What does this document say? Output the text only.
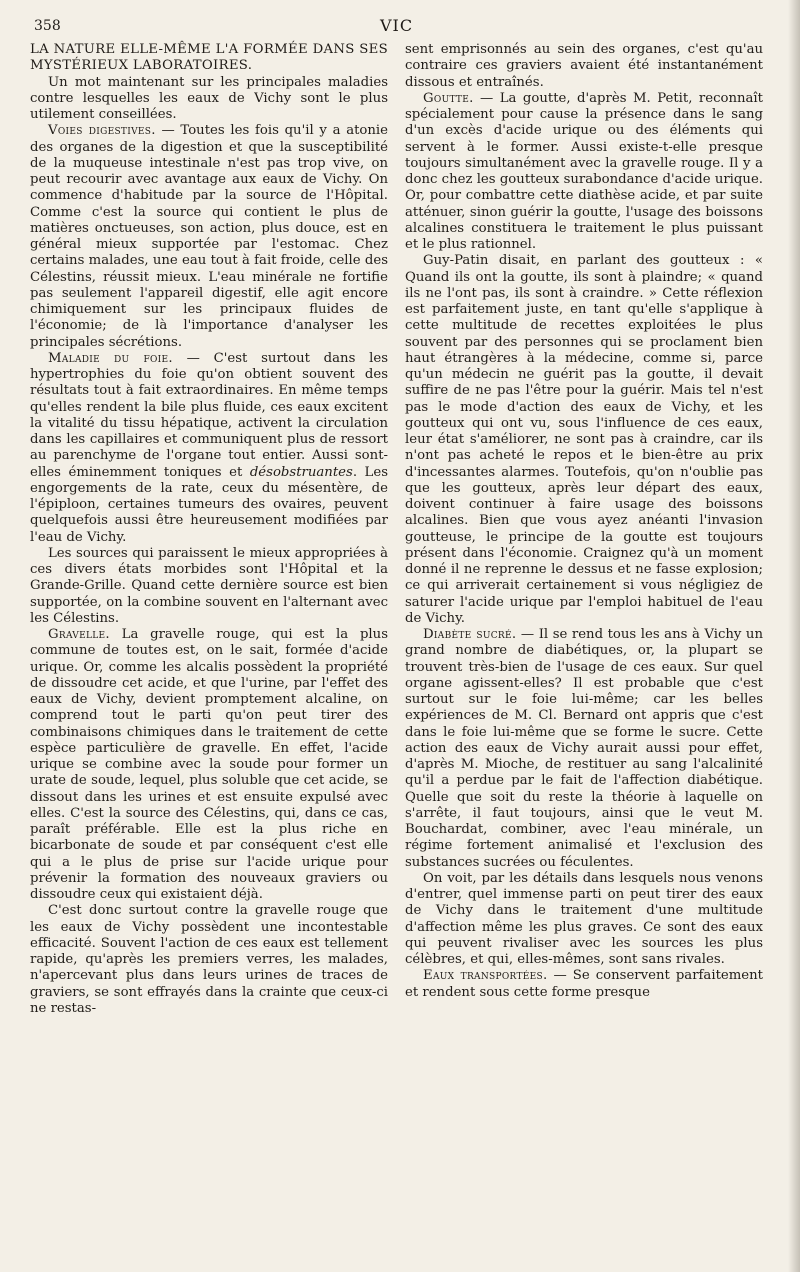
358	VIC

LA NATURE ELLE-MÊME L'A FORMÉE DANS SES MYSTÉRIEUX LABORATOIRES.

Un mot maintenant sur les principales maladies contre lesquelles les eaux de Vichy sont le plus utilement conseillées.

Voies digestives. — Toutes les fois qu'il y a atonie des organes de la digestion et que la susceptibilité de la muqueuse intestinale n'est pas trop vive, on peut recourir avec avantage aux eaux de Vichy. On commence d'habitude par la source de l'Hôpital. Comme c'est la source qui contient le plus de matières onctueuses, son action, plus douce, est en général mieux supportée par l'estomac. Chez certains malades, une eau tout à fait froide, celle des Célestins, réussit mieux. L'eau minérale ne fortifie pas seulement l'appareil digestif, elle agit encore chimiquement sur les principaux fluides de l'économie; de là l'importance d'analyser les principales sécrétions.

Maladie du foie. — C'est surtout dans les hypertrophies du foie qu'on obtient souvent des résultats tout à fait extraordinaires. En même temps qu'elles rendent la bile plus fluide, ces eaux excitent la vitalité du tissu hépatique, activent la circulation dans les capillaires et communiquent plus de ressort au parenchyme de l'organe tout entier. Aussi sont-elles éminemment toniques et désobstruantes. Les engorgements de la rate, ceux du mésentère, de l'épiploon, certaines tumeurs des ovaires, peuvent quelquefois aussi être heureusement modifiées par l'eau de Vichy.

Les sources qui paraissent le mieux appropriées à ces divers états morbides sont l'Hôpital et la Grande-Grille. Quand cette dernière source est bien supportée, on la combine souvent en l'alternant avec les Célestins.

Gravelle. La gravelle rouge, qui est la plus commune de toutes est, on le sait, formée d'acide urique. Or, comme les alcalis possèdent la propriété de dissoudre cet acide, et que l'urine, par l'effet des eaux de Vichy, devient promptement alcaline, on comprend tout le parti qu'on peut tirer des combinaisons chimiques dans le traitement de cette espèce particulière de gravelle. En effet, l'acide urique se combine avec la soude pour former un urate de soude, lequel, plus soluble que cet acide, se dissout dans les urines et est ensuite expulsé avec elles. C'est la source des Célestins, qui, dans ce cas, paraît préférable. Elle est la plus riche en bicarbonate de soude et par conséquent c'est elle qui a le plus de prise sur l'acide urique pour prévenir la formation des nouveaux graviers ou dissoudre ceux qui existaient déjà.

C'est donc surtout contre la gravelle rouge que les eaux de Vichy possèdent une incontestable efficacité. Souvent l'action de ces eaux est tellement rapide, qu'après les premiers verres, les malades, n'apercevant plus dans leurs urines de traces de graviers, se sont effrayés dans la crainte que ceux-ci ne restas-

sent emprisonnés au sein des organes, c'est qu'au contraire ces graviers avaient été instantanément dissous et entraînés.

Goutte. — La goutte, d'après M. Petit, reconnaît spécialement pour cause la présence dans le sang d'un excès d'acide urique ou des éléments qui servent à le former. Aussi existe-t-elle presque toujours simultanément avec la gravelle rouge. Il y a donc chez les goutteux surabondance d'acide urique. Or, pour combattre cette diathèse acide, et par suite atténuer, sinon guérir la goutte, l'usage des boissons alcalines constituera le traitement le plus puissant et le plus rationnel.

Guy-Patin disait, en parlant des goutteux : « Quand ils ont la goutte, ils sont à plaindre; « quand ils ne l'ont pas, ils sont à craindre. » Cette réflexion est parfaitement juste, en tant qu'elle s'applique à cette multitude de recettes exploitées le plus souvent par des personnes qui se proclament bien haut étrangères à la médecine, comme si, parce qu'un médecin ne guérit pas la goutte, il devait suffire de ne pas l'être pour la guérir. Mais tel n'est pas le mode d'action des eaux de Vichy, et les goutteux qui ont vu, sous l'influence de ces eaux, leur état s'améliorer, ne sont pas à craindre, car ils n'ont pas acheté le repos et le bien-être au prix d'incessantes alarmes. Toutefois, qu'on n'oublie pas que les goutteux, après leur départ des eaux, doivent continuer à faire usage des boissons alcalines. Bien que vous ayez anéanti l'invasion goutteuse, le principe de la goutte est toujours présent dans l'économie. Craignez qu'à un moment donné il ne reprenne le dessus et ne fasse explosion; ce qui arriverait certainement si vous négligiez de saturer l'acide urique par l'emploi habituel de l'eau de Vichy.

Diabète sucré. — Il se rend tous les ans à Vichy un grand nombre de diabétiques, or, la plupart se trouvent très-bien de l'usage de ces eaux. Sur quel organe agissent-elles? Il est probable que c'est surtout sur le foie lui-même; car les belles expériences de M. Cl. Bernard ont appris que c'est dans le foie lui-même que se forme le sucre. Cette action des eaux de Vichy aurait aussi pour effet, d'après M. Mioche, de restituer au sang l'alcalinité qu'il a perdue par le fait de l'affection diabétique. Quelle que soit du reste la théorie à laquelle on s'arrête, il faut toujours, ainsi que le veut M. Bouchardat, combiner, avec l'eau minérale, un régime fortement animalisé et l'exclusion des substances sucrées ou féculentes.

On voit, par les détails dans lesquels nous venons d'entrer, quel immense parti on peut tirer des eaux de Vichy dans le traitement d'une multitude d'affection même les plus graves. Ce sont des eaux qui peuvent rivaliser avec les sources les plus célèbres, et qui, elles-mêmes, sont sans rivales.

Eaux transportées. — Se conservent parfaitement et rendent sous cette forme presque
